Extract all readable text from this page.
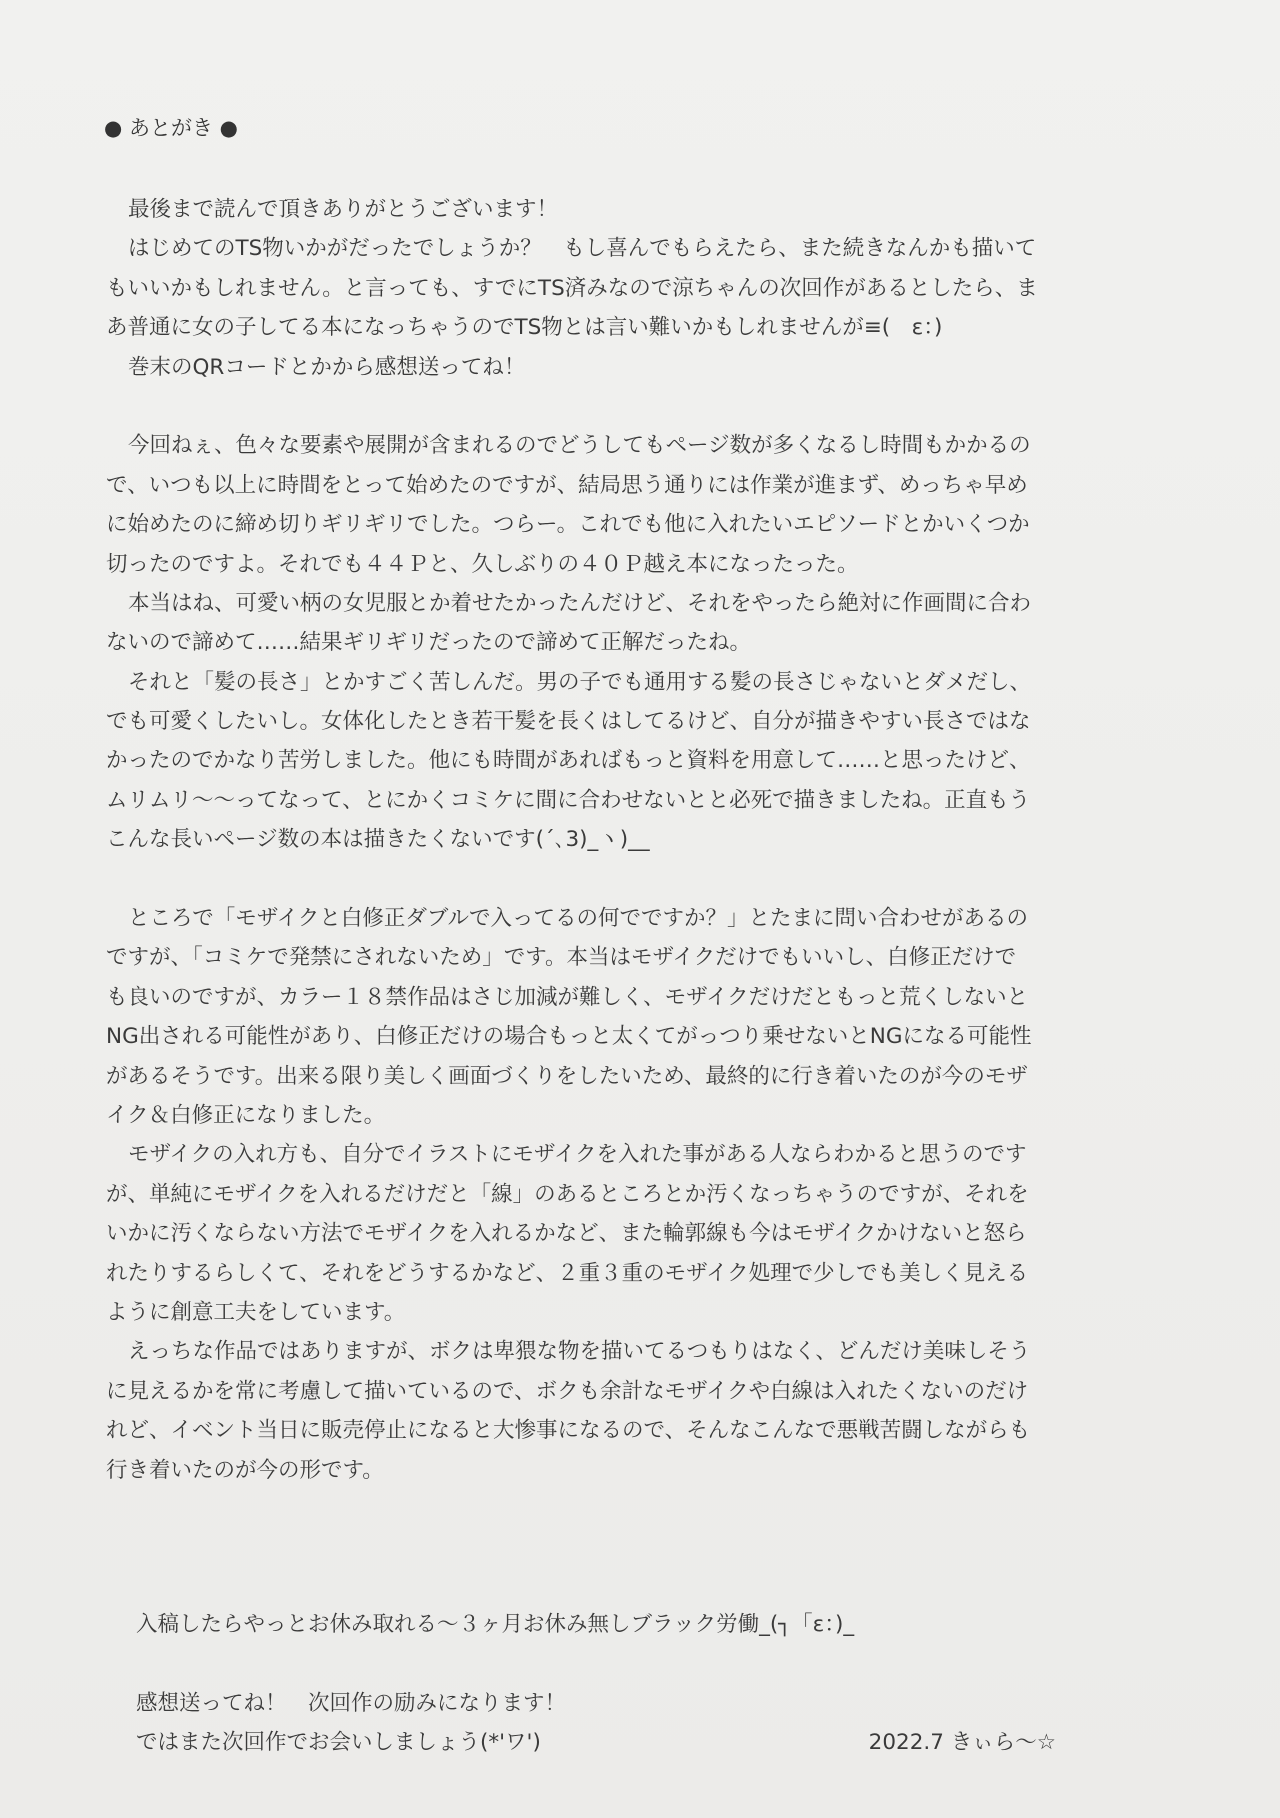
● あとがき ●
最後まで読んで頂きありがとうございます！
はじめてのTS物いかがだったでしょうか？　もし喜んでもらえたら、また続きなんかも描いて
もいいかもしれません。と言っても、すでにTS済みなので涼ちゃんの次回作があるとしたら、ま
あ普通に女の子してる本になっちゃうのでTS物とは言い難いかもしれませんが≡(　ε：)
巻末のQRコードとかから感想送ってね！
今回ねぇ、色々な要素や展開が含まれるのでどうしてもページ数が多くなるし時間もかかるの
で、いつも以上に時間をとって始めたのですが、結局思う通りには作業が進まず、めっちゃ早め
に始めたのに締め切りギリギリでした。つらー。これでも他に入れたいエピソードとかいくつか
切ったのですよ。それでも４４Ｐと、久しぶりの４０Ｐ越え本になったった。
本当はね、可愛い柄の女児服とか着せたかったんだけど、それをやったら絶対に作画間に合わ
ないので諦めて……結果ギリギリだったので諦めて正解だったね。
それと「髪の長さ」とかすごく苦しんだ。男の子でも通用する髪の長さじゃないとダメだし、
でも可愛くしたいし。女体化したとき若干髪を長くはしてるけど、自分が描きやすい長さではな
かったのでかなり苦労しました。他にも時間があればもっと資料を用意して……と思ったけど、
ムリムリ～～ってなって、とにかくコミケに間に合わせないとと必死で描きましたね。正直もう
こんな長いページ数の本は描きたくないです(´､3)_ヽ)__
ところで「モザイクと白修正ダブルで入ってるの何でですか？」とたまに問い合わせがあるの
ですが、「コミケで発禁にされないため」です。本当はモザイクだけでもいいし、白修正だけで
も良いのですが、カラー１８禁作品はさじ加減が難しく、モザイクだけだともっと荒くしないと
NG出される可能性があり、白修正だけの場合もっと太くてがっつり乗せないとNGになる可能性
があるそうです。出来る限り美しく画面づくりをしたいため、最終的に行き着いたのが今のモザ
イク＆白修正になりました。
モザイクの入れ方も、自分でイラストにモザイクを入れた事がある人ならわかると思うのです
が、単純にモザイクを入れるだけだと「線」のあるところとか汚くなっちゃうのですが、それを
いかに汚くならない方法でモザイクを入れるかなど、また輪郭線も今はモザイクかけないと怒ら
れたりするらしくて、それをどうするかなど、２重３重のモザイク処理で少しでも美しく見える
ように創意工夫をしています。
えっちな作品ではありますが、ボクは卑猥な物を描いてるつもりはなく、どんだけ美味しそう
に見えるかを常に考慮して描いているので、ボクも余計なモザイクや白線は入れたくないのだけ
れど、イベント当日に販売停止になると大惨事になるので、そんなこんなで悪戦苦闘しながらも
行き着いたのが今の形です。
入稿したらやっとお休み取れる～３ヶ月お休み無しブラック労働_(┐「ε：)_
感想送ってね！　次回作の励みになります！
ではまた次回作でお会いしましょう(*'ワ')	2022.7 きぃら～☆
